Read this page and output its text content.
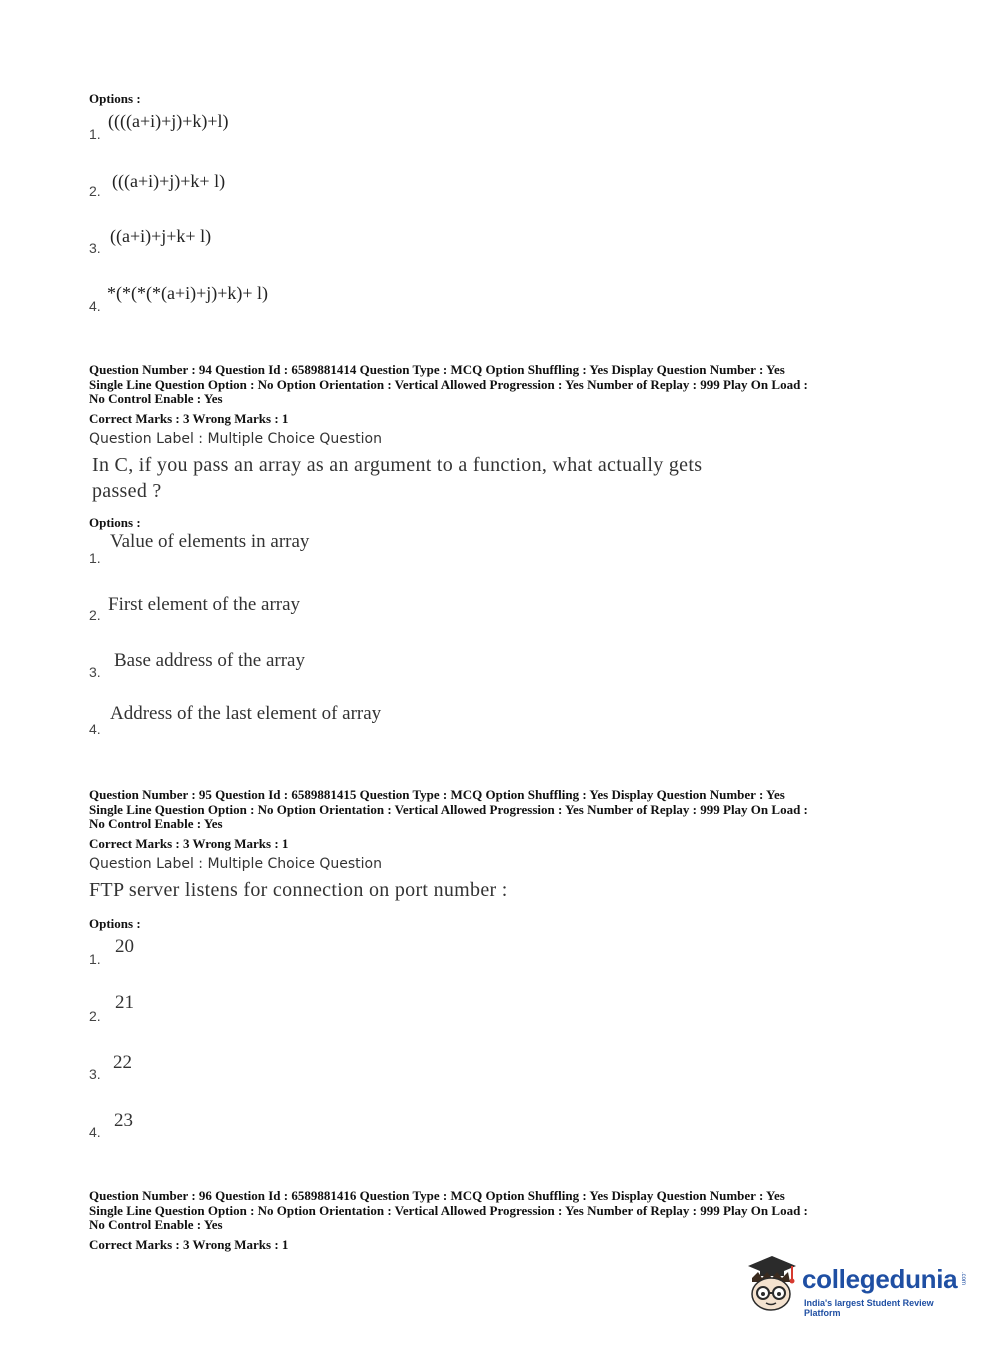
Options :
1.
((((a+i)+j)+k)+l)
2. (((a+i)+j)+k+ l)
3.
((a+i)+j+k+ l)
4.
*(*(*(*(a+i)+j)+k)+ l)
Question Number : 94 Question Id : 6589881414 Question Type : MCQ Option Shuffling : Yes Display Question Number : Yes
Single Line Question Option : No Option Orientation : Vertical Allowed Progression : Yes Number of Replay : 999 Play On Load :
No Control Enable : Yes
Correct Marks : 3 Wrong Marks : 1
Question Label : Multiple Choice Question
In C, if you pass an array as an argument to a function, what actually gets
passed ?
Options :
1.
Value of elements in array
2. First element of the array
3.
Base address of the array
4.
Address of the last element of array
Question Number : 95 Question Id : 6589881415 Question Type : MCQ Option Shuffling : Yes Display Question Number : Yes
Single Line Question Option : No Option Orientation : Vertical Allowed Progression : Yes Number of Replay : 999 Play On Load :
No Control Enable : Yes
Correct Marks : 3 Wrong Marks : 1
Question Label : Multiple Choice Question
FTP server listens for connection on port number :
Options :
1.
20
2.
21
3.
22
4.
23
Question Number : 96 Question Id : 6589881416 Question Type : MCQ Option Shuffling : Yes Display Question Number : Yes
Single Line Question Option : No Option Orientation : Vertical Allowed Progression : Yes Number of Replay : 999 Play On Load :
No Control Enable : Yes
Correct Marks : 3 Wrong Marks : 1
collegedunia .com
India's largest Student Review Platform
